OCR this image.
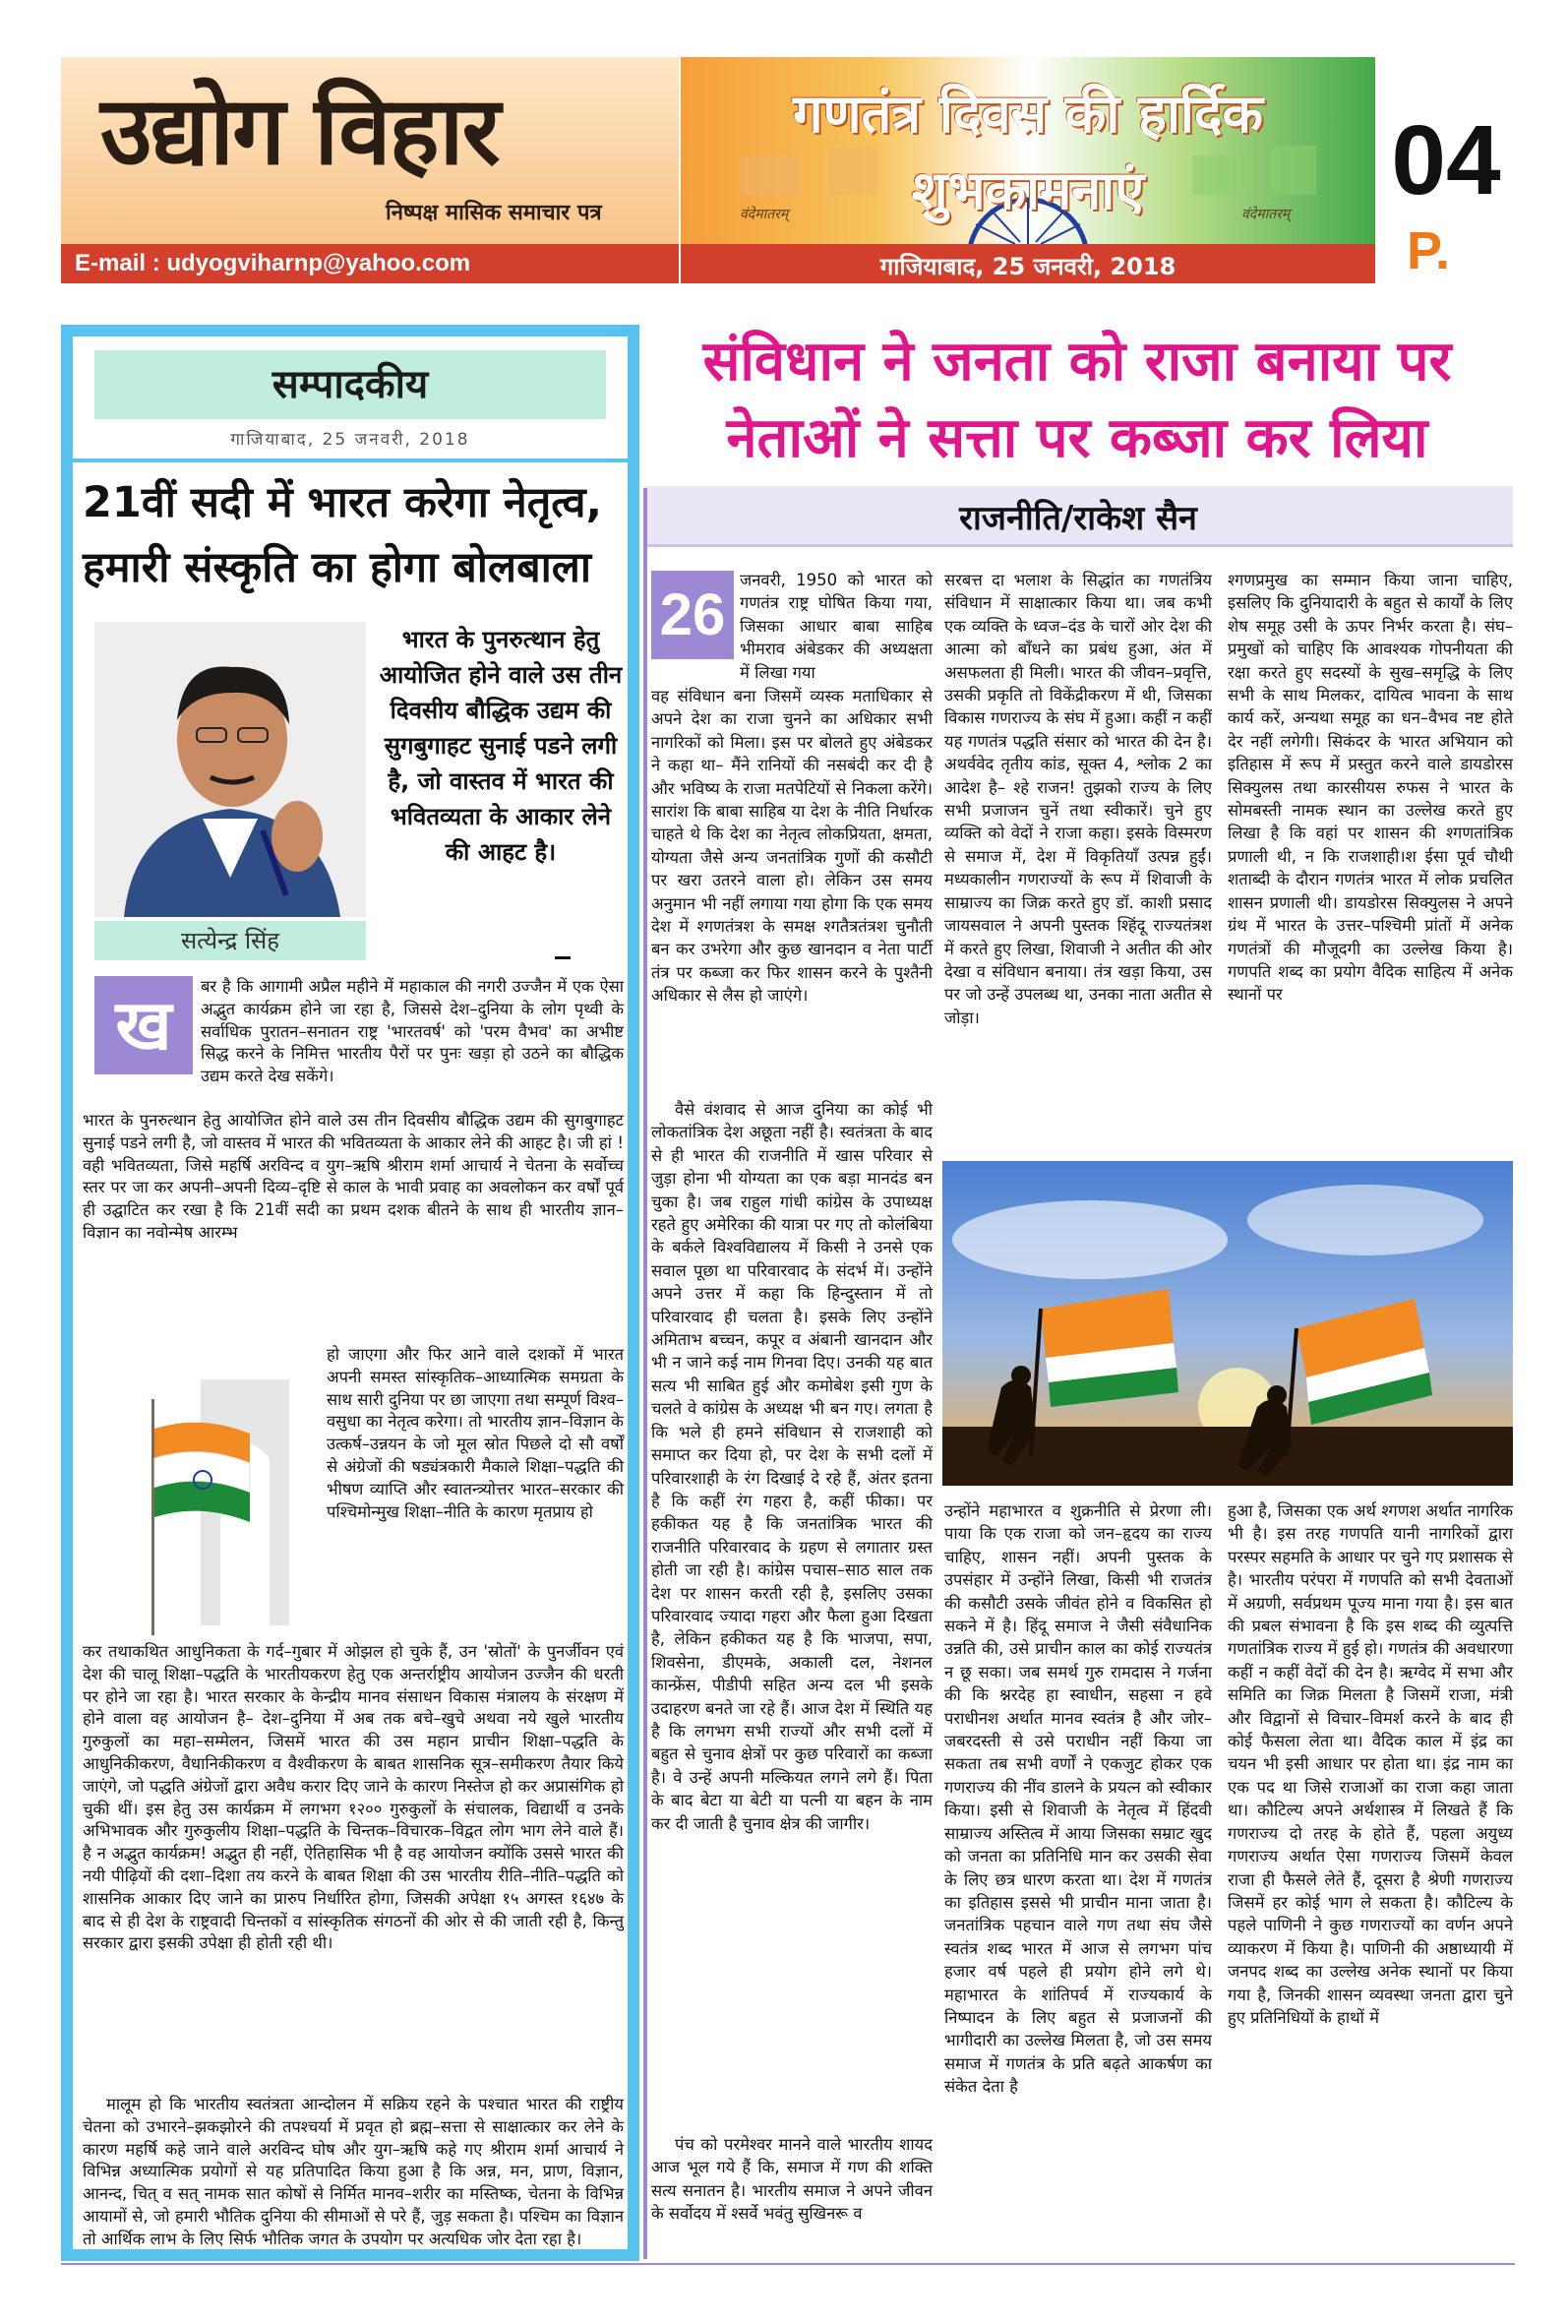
उद्योग विहार
निष्पक्ष मासिक समाचार पत्र
E-mail : udyogviharnp@yahoo.com
गणतंत्र दिवस की हार्दिक
शुभकामनाएं
वंदेमातरम्	वंदेमातरम्
गाजियाबाद, 25 जनवरी, 2018
04
P.
सम्पादकीय
गाजियाबाद, 25 जनवरी, 2018
21वीं सदी में भारत करेगा नेतृत्व,
हमारी संस्कृति का होगा बोलबाला
सत्येन्द्र सिंह
भारत के पुनरुत्थान हेतु आयोजित होने वाले उस तीन दिवसीय बौद्धिक उद्यम की सुगबुगाहट सुनाई पडने लगी है, जो वास्तव में भारत की भवितव्यता के आकार लेने की आहट है।
ख	बर है कि आगामी अप्रैल महीने में महाकाल की नगरी उज्जैन में एक ऐसा अद्भुत कार्यक्रम होने जा रहा है, जिससे देश–दुनिया के लोग पृथ्वी के सर्वाधिक पुरातन–सनातन राष्ट्र 'भारतवर्ष' को 'परम वैभव' का अभीष्ट सिद्ध करने के निमित्त भारतीय पैरों पर पुनः खड़ा हो उठने का बौद्धिक उद्यम करते देख सकेंगे।
भारत के पुनरुत्थान हेतु आयोजित होने वाले उस तीन दिवसीय बौद्धिक उद्यम की सुगबुगाहट सुनाई पडने लगी है, जो वास्तव में भारत की भवितव्यता के आकार लेने की आहट है। जी हां ! वही भवितव्यता, जिसे महर्षि अरविन्द व युग–ऋषि श्रीराम शर्मा आचार्य ने चेतना के सर्वोच्च स्तर पर जा कर अपनी–अपनी दिव्य–दृष्टि से काल के भावी प्रवाह का अवलोकन कर वर्षों पूर्व ही उद्घाटित कर रखा है कि 21वीं सदी का प्रथम दशक बीतने के साथ ही भारतीय ज्ञान–विज्ञान का नवोन्मेष आरम्भ
हो जाएगा और फिर आने वाले दशकों में भारत अपनी समस्त सांस्कृतिक–आध्यात्मिक समग्रता के साथ सारी दुनिया पर छा जाएगा तथा सम्पूर्ण विश्व–वसुधा का नेतृत्व करेगा। तो भारतीय ज्ञान–विज्ञान के उत्कर्ष–उन्नयन के जो मूल स्रोत पिछले दो सौ वर्षों से अंग्रेजों की षड्यंत्रकारी मैकाले शिक्षा–पद्धति की भीषण व्याप्ति और स्वातन्त्र्योत्तर भारत–सरकार की पश्चिमोन्मुख शिक्षा–नीति के कारण मृतप्राय हो
कर तथाकथित आधुनिकता के गर्द–गुबार में ओझल हो चुके हैं, उन 'स्रोतों' के पुनर्जीवन एवं देश की चालू शिक्षा–पद्धति के भारतीयकरण हेतु एक अन्तर्राष्ट्रीय आयोजन उज्जैन की धरती पर होने जा रहा है। भारत सरकार के केन्द्रीय मानव संसाधन विकास मंत्रालय के संरक्षण में होने वाला वह आयोजन है– देश–दुनिया में अब तक बचे–खुचे अथवा नये खुले भारतीय गुरुकुलों का महा–सम्मेलन, जिसमें भारत की उस महान प्राचीन शिक्षा–पद्धति के आधुनिकीकरण, वैधानिकीकरण व वैश्वीकरण के बाबत शासनिक सूत्र–समीकरण तैयार किये जाएंगे, जो पद्धति अंग्रेजों द्वारा अवैध करार दिए जाने के कारण निस्तेज हो कर अप्रासंगिक हो चुकी थीं। इस हेतु उस कार्यक्रम में लगभग १२०० गुरुकुलों के संचालक, विद्यार्थी व उनके अभिभावक और गुरुकुलीय शिक्षा–पद्धति के चिन्तक–विचारक–विद्वत लोग भाग लेने वाले हैं। है न अद्भुत कार्यक्रम! अद्भुत ही नहीं, ऐतिहासिक भी है वह आयोजन क्योंकि उससे भारत की नयी पीढ़ियों की दशा–दिशा तय करने के बाबत शिक्षा की उस भारतीय रीति–नीति–पद्धति को शासनिक आकार दिए जाने का प्रारुप निर्धारित होगा, जिसकी अपेक्षा १५ अगस्त १६४७ के बाद से ही देश के राष्ट्रवादी चिन्तकों व सांस्कृतिक संगठनों की ओर से की जाती रही है, किन्तु सरकार द्वारा इसकी उपेक्षा ही होती रही थी।
मालूम हो कि भारतीय स्वतंत्रता आन्दोलन में सक्रिय रहने के पश्चात भारत की राष्ट्रीय चेतना को उभारने–झकझोरने की तपश्चर्या में प्रवृत हो ब्रह्म–सत्ता से साक्षात्कार कर लेने के कारण महर्षि कहे जाने वाले अरविन्द घोष और युग–ऋषि कहे गए श्रीराम शर्मा आचार्य ने विभिन्न अध्यात्मिक प्रयोगों से यह प्रतिपादित किया हुआ है कि अन्न, मन, प्राण, विज्ञान, आनन्द, चित् व सत् नामक सात कोषों से निर्मित मानव–शरीर का मस्तिष्क, चेतना के विभिन्न आयामों से, जो हमारी भौतिक दुनिया की सीमाओं से परे हैं, जुड़ सकता है। पश्चिम का विज्ञान तो आर्थिक लाभ के लिए सिर्फ भौतिक जगत के उपयोग पर अत्यधिक जोर देता रहा है।
संविधान ने जनता को राजा बनाया पर
नेताओं ने सत्ता पर कब्जा कर लिया
राजनीति/राकेश सैन
26
जनवरी, 1950 को भारत को गणतंत्र राष्ट्र घोषित किया गया, जिसका आधार बाबा साहिब भीमराव अंबेडकर की अध्यक्षता में लिखा गया
वह संविधान बना जिसमें व्यस्क मताधिकार से अपने देश का राजा चुनने का अधिकार सभी नागरिकों को मिला। इस पर बोलते हुए अंबेडकर ने कहा था– मैंने रानियों की नसबंदी कर दी है और भविष्य के राजा मतपेटियों से निकला करेंगे। सारांश कि बाबा साहिब या देश के नीति निर्धारक चाहते थे कि देश का नेतृत्व लोकप्रियता, क्षमता, योग्यता जैसे अन्य जनतांत्रिक गुणों की कसौटी पर खरा उतरने वाला हो। लेकिन उस समय अनुमान भी नहीं लगाया गया होगा कि एक समय देश में श्गणतंत्रश के समक्ष श्गतैत्रतंत्रश चुनौती बन कर उभरेगा और कुछ खानदान व नेता पार्टी तंत्र पर कब्जा कर फिर शासन करने के पुश्तैनी अधिकार से लैस हो जाएंगे।
वैसे वंशवाद से आज दुनिया का कोई भी लोकतांत्रिक देश अछूता नहीं है। स्वतंत्रता के बाद से ही भारत की राजनीति में खास परिवार से जुड़ा होना भी योग्यता का एक बड़ा मानदंड बन चुका है। जब राहुल गांधी कांग्रेस के उपाध्यक्ष रहते हुए अमेरिका की यात्रा पर गए तो कोलंबिया के बर्कले विश्वविद्यालय में किसी ने उनसे एक सवाल पूछा था परिवारवाद के संदर्भ में। उन्होंने अपने उत्तर में कहा कि हिन्दुस्तान में तो परिवारवाद ही चलता है। इसके लिए उन्होंने अमिताभ बच्चन, कपूर व अंबानी खानदान और भी न जाने कई नाम गिनवा दिए। उनकी यह बात सत्य भी साबित हुई और कमोबेश इसी गुण के चलते वे कांग्रेस के अध्यक्ष भी बन गए। लगता है कि भले ही हमने संविधान से राजशाही को समाप्त कर दिया हो, पर देश के सभी दलों में परिवारशाही के रंग दिखाई दे रहे हैं, अंतर इतना है कि कहीं रंग गहरा है, कहीं फीका। पर हकीकत यह है कि जनतांत्रिक भारत की राजनीति परिवारवाद के ग्रहण से लगातार ग्रस्त होती जा रही है। कांग्रेस पचास–साठ साल तक देश पर शासन करती रही है, इसलिए उसका परिवारवाद ज्यादा गहरा और फैला हुआ दिखता है, लेकिन हकीकत यह है कि भाजपा, सपा, शिवसेना, डीएमके, अकाली दल, नेशनल कान्फ्रेंस, पीडीपी सहित अन्य दल भी इसके उदाहरण बनते जा रहे हैं। आज देश में स्थिति यह है कि लगभग सभी राज्यों और सभी दलों में बहुत से चुनाव क्षेत्रों पर कुछ परिवारों का कब्जा है। वे उन्हें अपनी मल्कियत लगने लगे हैं। पिता के बाद बेटा या बेटी या पत्नी या बहन के नाम कर दी जाती है चुनाव क्षेत्र की जागीर।
पंच को परमेश्वर मानने वाले भारतीय शायद आज भूल गये हैं कि, समाज में गण की शक्ति सत्य सनातन है। भारतीय समाज ने अपने जीवन के सर्वोदय में श्सर्वे भवंतु सुखिनरू व
सरबत्त दा भलाश के सिद्धांत का गणतंत्रिय संविधान में साक्षात्कार किया था। जब कभी एक व्यक्ति के ध्वज–दंड के चारों ओर देश की आत्मा को बाँधने का प्रबंध हुआ, अंत में असफलता ही मिली। भारत की जीवन–प्रवृत्ति, उसकी प्रकृति तो विकेंद्रीकरण में थी, जिसका विकास गणराज्य के संघ में हुआ। कहीं न कहीं यह गणतंत्र पद्धति संसार को भारत की देन है। अथर्ववेद तृतीय कांड, सूक्त 4, श्लोक 2 का आदेश है– श्हे राजन! तुझको राज्य के लिए सभी प्रजाजन चुनें तथा स्वीकारें। चुने हुए व्यक्ति को वेदों ने राजा कहा। इसके विस्मरण से समाज में, देश में विकृतियाँ उत्पन्न हुईं। मध्यकालीन गणराज्यों के रूप में शिवाजी के साम्राज्य का जिक्र करते हुए डॉ. काशी प्रसाद जायसवाल ने अपनी पुस्तक श्हिंदू राज्यतंत्रश में करते हुए लिखा, शिवाजी ने अतीत की ओर देखा व संविधान बनाया। तंत्र खड़ा किया, उस पर जो उन्हें उपलब्ध था, उनका नाता अतीत से जोड़ा।
श्गणप्रमुख का सम्मान किया जाना चाहिए, इसलिए कि दुनियादारी के बहुत से कार्यों के लिए शेष समूह उसी के ऊपर निर्भर करता है। संघ–प्रमुखों को चाहिए कि आवश्यक गोपनीयता की रक्षा करते हुए सदस्यों के सुख–समृद्धि के लिए सभी के साथ मिलकर, दायित्व भावना के साथ कार्य करें, अन्यथा समूह का धन–वैभव नष्ट होते देर नहीं लगेगी। सिकंदर के भारत अभियान को इतिहास में रूप में प्रस्तुत करने वाले डायडोरस सिक्युलस तथा कारसीयस रुफस ने भारत के सोमबस्ती नामक स्थान का उल्लेख करते हुए लिखा है कि वहां पर शासन की श्गणतांत्रिक प्रणाली थी, न कि राजशाही।श ईसा पूर्व चौथी शताब्दी के दौरान गणतंत्र भारत में लोक प्रचलित शासन प्रणाली थी। डायडोरस सिक्युलस ने अपने ग्रंथ में भारत के उत्तर–पश्चिमी प्रांतों में अनेक गणतंत्रों की मौजूदगी का उल्लेख किया है। गणपति शब्द का प्रयोग वैदिक साहित्य में अनेक स्थानों पर
उन्होंने महाभारत व शुक्रनीति से प्रेरणा ली। पाया कि एक राजा को जन–हृदय का राज्य चाहिए, शासन नहीं। अपनी पुस्तक के उपसंहार में उन्होंने लिखा, किसी भी राजतंत्र की कसौटी उसके जीवंत होने व विकसित हो सकने में है। हिंदू समाज ने जैसी संवैधानिक उन्नति की, उसे प्राचीन काल का कोई राज्यतंत्र न छू सका। जब समर्थ गुरु रामदास ने गर्जना की कि श्नरदेह हा स्वाधीन, सहसा न हवे पराधीनश अर्थात मानव स्वतंत्र है और जोर–जबरदस्ती से उसे पराधीन नहीं किया जा सकता तब सभी वर्णों ने एकजुट होकर एक गणराज्य की नींव डालने के प्रयत्न को स्वीकार किया। इसी से शिवाजी के नेतृत्व में हिंदवी साम्राज्य अस्तित्व में आया जिसका सम्राट खुद को जनता का प्रतिनिधि मान कर उसकी सेवा के लिए छत्र धारण करता था। देश में गणतंत्र का इतिहास इससे भी प्राचीन माना जाता है। जनतांत्रिक पहचान वाले गण तथा संघ जैसे स्वतंत्र शब्द भारत में आज से लगभग पांच हजार वर्ष पहले ही प्रयोग होने लगे थे। महाभारत के शांतिपर्व में राज्यकार्य के निष्पादन के लिए बहुत से प्रजाजनों की भागीदारी का उल्लेख मिलता है, जो उस समय समाज में गणतंत्र के प्रति बढ़ते आकर्षण का संकेत देता है
हुआ है, जिसका एक अर्थ श्गणश अर्थात नागरिक भी है। इस तरह गणपति यानी नागरिकों द्वारा परस्पर सहमति के आधार पर चुने गए प्रशासक से है। भारतीय परंपरा में गणपति को सभी देवताओं में अग्रणी, सर्वप्रथम पूज्य माना गया है। इस बात की प्रबल संभावना है कि इस शब्द की व्युत्पत्ति गणतांत्रिक राज्य में हुई हो। गणतंत्र की अवधारणा कहीं न कहीं वेदों की देन है। ऋग्वेद में सभा और समिति का जिक्र मिलता है जिसमें राजा, मंत्री और विद्वानों से विचार–विमर्श करने के बाद ही कोई फैसला लेता था। वैदिक काल में इंद्र का चयन भी इसी आधार पर होता था। इंद्र नाम का एक पद था जिसे राजाओं का राजा कहा जाता था। कौटिल्य अपने अर्थशास्त्र में लिखते हैं कि गणराज्य दो तरह के होते हैं, पहला अयुध्य गणराज्य अर्थात ऐसा गणराज्य जिसमें केवल राजा ही फैसले लेते हैं, दूसरा है श्रेणी गणराज्य जिसमें हर कोई भाग ले सकता है। कौटिल्य के पहले पाणिनी ने कुछ गणराज्यों का वर्णन अपने व्याकरण में किया है। पाणिनी की अष्ठाध्यायी में जनपद शब्द का उल्लेख अनेक स्थानों पर किया गया है, जिनकी शासन व्यवस्था जनता द्वारा चुने हुए प्रतिनिधियों के हाथों में
